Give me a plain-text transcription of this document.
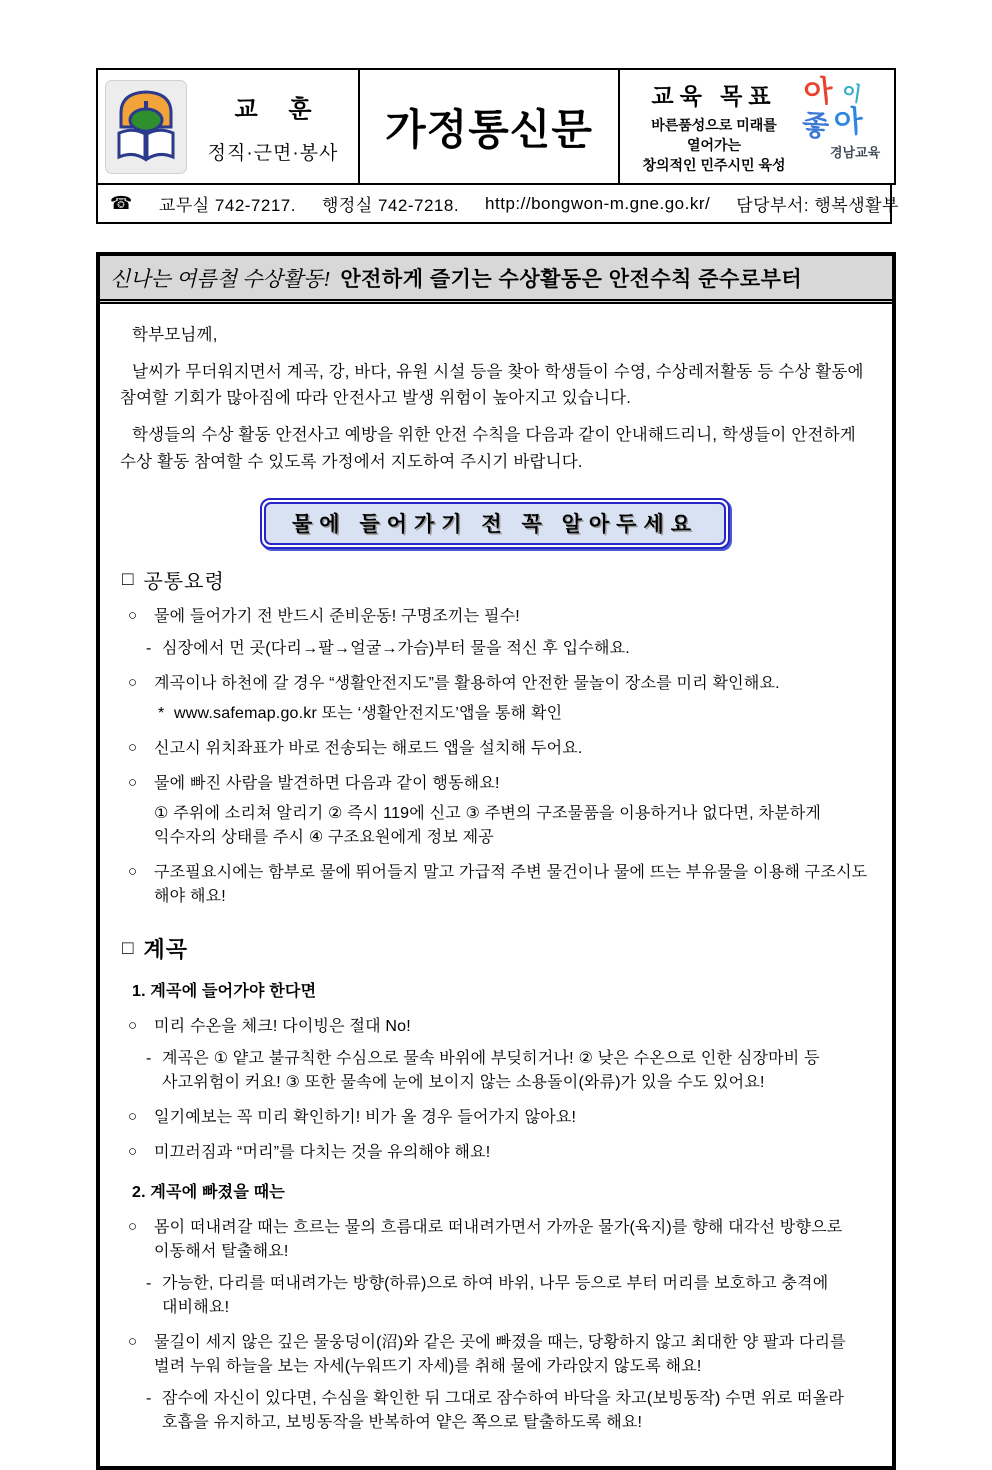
교 훈
정직·근면·봉사
가정통신문
교육 목표
바른품성으로 미래를
열어가는
창의적인 민주시민 육성
아 이
좋 아
경남교육
☎ 교무실 742-7217. 행정실 742-7218. http://bongwon-m.gne.go.kr/ 담당부서: 행복생활부
신나는 여름철 수상활동! 안전하게 즐기는 수상활동은 안전수칙 준수로부터

학부모님께,

날씨가 무더워지면서 계곡, 강, 바다, 유원 시설 등을 찾아 학생들이 수영, 수상레저활동 등 수상 활동에 참여할 기회가 많아짐에 따라 안전사고 발생 위험이 높아지고 있습니다.

학생들의 수상 활동 안전사고 예방을 위한 안전 수칙을 다음과 같이 안내해드리니, 학생들이 안전하게 수상 활동 참여할 수 있도록 가정에서 지도하여 주시기 바랍니다.

물에 들어가기 전 꼭 알아두세요
□ 공통요령
○	물에 들어가기 전 반드시 준비운동! 구명조끼는 필수!
- 심장에서 먼 곳(다리→팔→얼굴→가슴)부터 물을 적신 후 입수해요.
○	계곡이나 하천에 갈 경우 “생활안전지도”를 활용하여 안전한 물놀이 장소를 미리 확인해요.
* www.safemap.go.kr 또는 ‘생활안전지도’앱을 통해 확인
○	신고시 위치좌표가 바로 전송되는 해로드 앱을 설치해 두어요.
○	물에 빠진 사람을 발견하면 다음과 같이 행동해요!
① 주위에 소리쳐 알리기 ② 즉시 119에 신고 ③ 주변의 구조물품을 이용하거나 없다면, 차분하게 익수자의 상태를 주시 ④ 구조요원에게 정보 제공
○	구조필요시에는 함부로 물에 뛰어들지 말고 가급적 주변 물건이나 물에 뜨는 부유물을 이용해 구조시도 해야 해요!
□ 계곡
1. 계곡에 들어가야 한다면
○	미리 수온을 체크! 다이빙은 절대 No!
- 계곡은 ① 얕고 불규칙한 수심으로 물속 바위에 부딪히거나! ② 낮은 수온으로 인한 심장마비 등 사고위험이 커요! ③ 또한 물속에 눈에 보이지 않는 소용돌이(와류)가 있을 수도 있어요!
○	일기예보는 꼭 미리 확인하기! 비가 올 경우 들어가지 않아요!
○	미끄러짐과 “머리”를 다치는 것을 유의해야 해요!
2. 계곡에 빠졌을 때는
○	몸이 떠내려갈 때는 흐르는 물의 흐름대로 떠내려가면서 가까운 물가(육지)를 향해 대각선 방향으로 이동해서 탈출해요!
- 가능한, 다리를 떠내려가는 방향(하류)으로 하여 바위, 나무 등으로 부터 머리를 보호하고 충격에 대비해요!
○	물길이 세지 않은 깊은 물웅덩이(沼)와 같은 곳에 빠졌을 때는, 당황하지 않고 최대한 양 팔과 다리를 벌려 누워 하늘을 보는 자세(누워뜨기 자세)를 취해 물에 가라앉지 않도록 해요!
- 잠수에 자신이 있다면, 수심을 확인한 뒤 그대로 잠수하여 바닥을 차고(보빙동작) 수면 위로 떠올라 호흡을 유지하고, 보빙동작을 반복하여 얕은 쪽으로 탈출하도록 해요!
